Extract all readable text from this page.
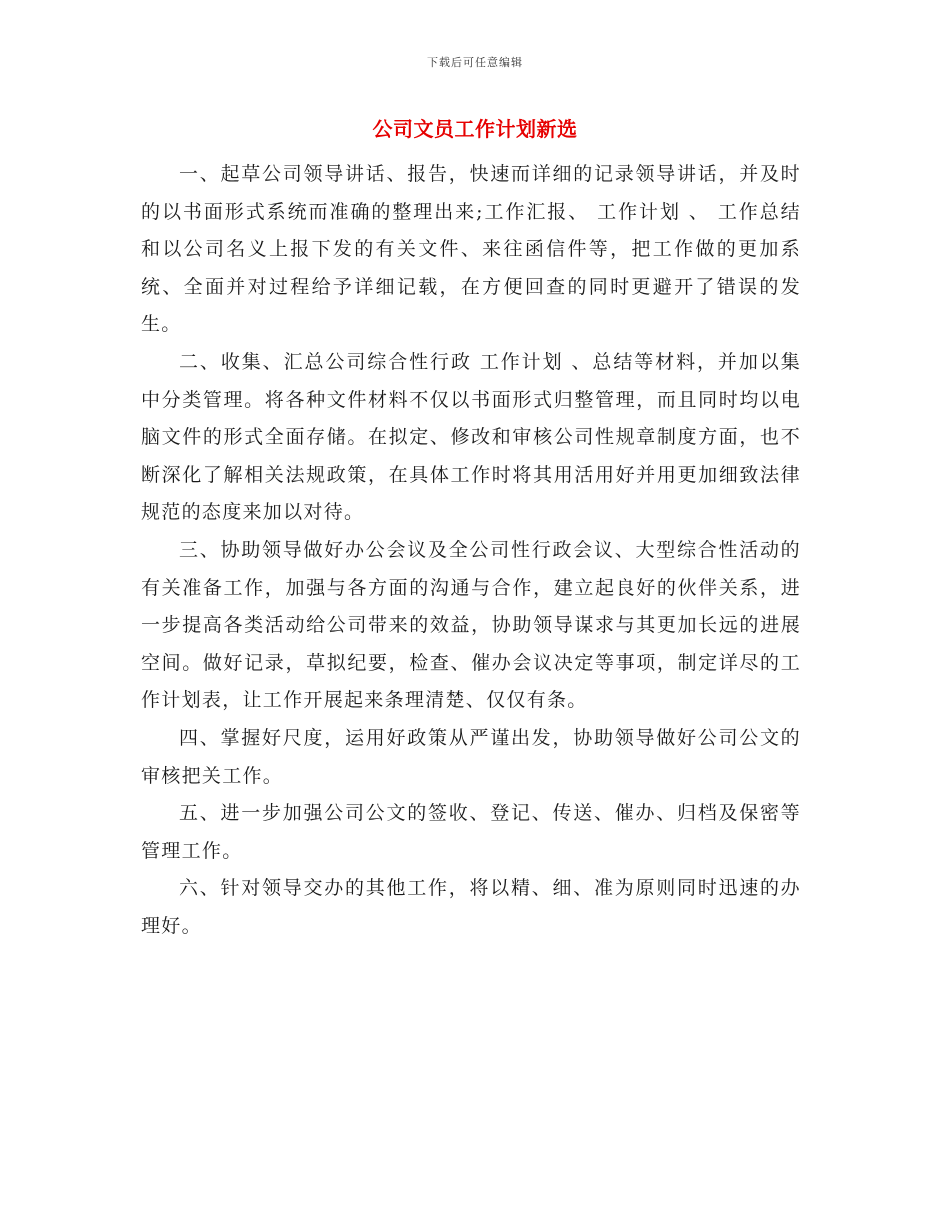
下载后可任意编辑
公司文员工作计划新选

一、起草公司领导讲话、报告，快速而详细的记录领导讲话，并及时的以书面形式系统而准确的整理出来;工作汇报、 工作计划 、 工作总结 和以公司名义上报下发的有关文件、来往函信件等，把工作做的更加系统、全面并对过程给予详细记载，在方便回查的同时更避开了错误的发生。

二、收集、汇总公司综合性行政 工作计划 、总结等材料，并加以集中分类管理。将各种文件材料不仅以书面形式归整管理，而且同时均以电脑文件的形式全面存储。在拟定、修改和审核公司性规章制度方面，也不断深化了解相关法规政策，在具体工作时将其用活用好并用更加细致法律规范的态度来加以对待。

三、协助领导做好办公会议及全公司性行政会议、大型综合性活动的有关准备工作，加强与各方面的沟通与合作，建立起良好的伙伴关系，进一步提高各类活动给公司带来的效益，协助领导谋求与其更加长远的进展空间。做好记录，草拟纪要，检查、催办会议决定等事项，制定详尽的工作计划表，让工作开展起来条理清楚、仅仅有条。

四、掌握好尺度，运用好政策从严谨出发，协助领导做好公司公文的审核把关工作。

五、进一步加强公司公文的签收、登记、传送、催办、归档及保密等管理工作。

六、针对领导交办的其他工作，将以精、细、准为原则同时迅速的办理好。
